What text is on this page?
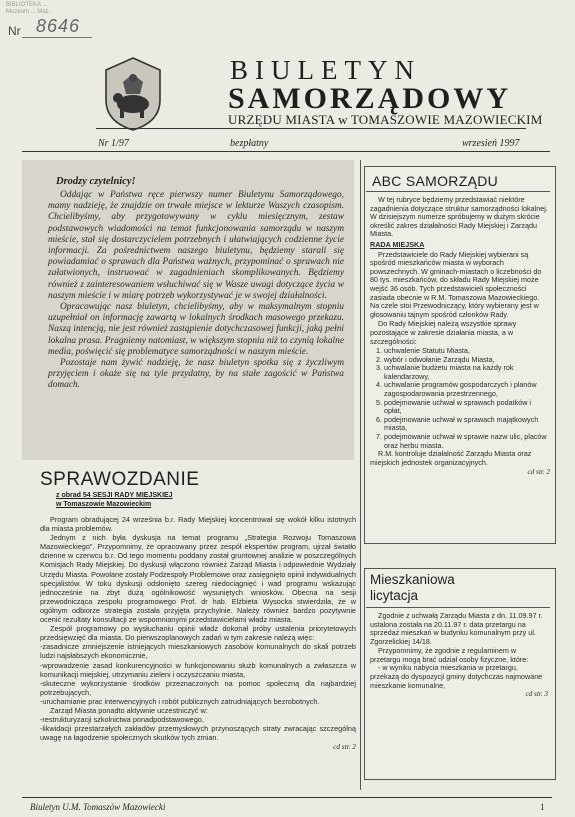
BIBLIOTEKA ...
Muzeum ... Maz.
Nr 8646
BIULETYN
SAMORZĄDOWY
URZĘDU MIASTA w TOMASZOWIE MAZOWIECKIM
Nr 1/97	bezpłatny	wrzesień 1997
Drodzy czytelnicy!

Oddając w Państwa ręce pierwszy numer Biuletynu Samorządowego, mamy nadzieję, że znajdzie on trwałe miejsce w lekturze Waszych czasopism. Chcielibyśmy, aby przygotowywany w cyklu miesięcznym, zestaw podstawowych wiadomości na temat funkcjonowania samorządu w naszym mieście, stał się dostarczycielem potrzebnych i ułatwiających codzienne życie informacji. Za pośrednictwem naszego biuletynu, będziemy starali się powiadamiać o sprawach dla Państwa ważnych, przypominać o sprawach nie załatwionych, instruować w zagadnieniach skomplikowanych. Będziemy również z zainteresowaniem wsłuchiwać się w Wasze uwagi dotyczące życia w naszym mieście i w miarę potrzeb wykorzystywać je w swojej działalności.

Opracowując nasz biuletyn, chcielibyśmy, aby w maksymalnym stopniu uzupełniał on informację zawartą w lokalnych środkach masowego przekazu. Naszą intencją, nie jest również zastąpienie dotychczasowej funkcji, jaką pełni lokalna prasa. Pragniemy natomiast, w większym stopniu niż to czynią lokalne media, poświęcić się problematyce samorządności w naszym mieście.

Pozostaje nam żywić nadzieję, że nasz biuletyn spotka się z życzliwym przyjęciem i okaże się na tyle przydatny, by na stałe zagościć w Państwa domach.

ABC SAMORZĄDU

W tej rubryce będziemy przedstawiać niektóre zagadnienia dotyczące struktur samorządności lokalnej. W dzisiejszym numerze spróbujemy w dużym skrócie określić zakres działalności Rady Miejskiej i Zarządu Miasta.

RADA MIEJSKA

Przedstawiciele do Rady Miejskiej wybierani są spośród mieszkańców miasta w wyborach powszechnych. W gminach-miastach o liczebności do 80 tys. mieszkańców, do składu Rady Miejskiej może wejść 36 osób. Tych przedstawicieli społeczności zasiada obecnie w R.M. Tomaszowa Mazowieckiego. Na czele stoi Przewodniczący, który wybierany jest w głosowaniu tajnym spośród członków Rady.

Do Rady Miejskiej należą wszystkie sprawy pozostające w zakresie działania miasta, a w szczególności:

1. uchwalenie Statutu Miasta,
2. wybór i odwołanie Zarządu Miasta,
3. uchwalanie budżetu miasta na każdy rok kalendarzowy,
4. uchwalanie programów gospodarczych i planów zagospodarowania przestrzennego,
5. podejmowanie uchwał w sprawach podatków i opłat,
6. podejmowanie uchwał w sprawach majątkowych miasta,
7. podejmowanie uchwał w sprawie nazw ulic, placów oraz herbu miasta.

R.M. kontroluje działalność Zarządu Miasta oraz miejskich jednostek organizacyjnych.

cd str. 2
SPRAWOZDANIE
z obrad 54 SESJI RADY MIEJSKIEJ
w Tomaszowie Mazowieckim

Program obradującej 24 września b.r. Rady Miejskiej koncentrował się wokół kilku istotnych dla miasta problemów.

Jednym z nich była dyskusja na temat programu „Strategia Rozwoju Tomaszowa Mazowieckiego”. Przypomnimy, że opracowany przez zespół ekspertów program, ujrzał światło dzienne w czerwcu b.r. Od tego momentu poddany został gruntownej analizie w poszczególnych Komisjach Rady Miejskiej. Do dyskusji włączono również Zarząd Miasta i odpowiednie Wydziały Urzędu Miasta. Powołane zostały Podzespoły Problemowe oraz zasięgnięto opinii indywidualnych specjalistów. W toku dyskusji odsłonięto szereg niedociągnięć i wad programu wskazując jednocześnie na zbyt dużą ogólnikowość wysuniętych wniosków. Obecna na sesji przewodnicząca zespołu programowego Prof. dr hab. Elżbieta Wysocka stwierdziła, że w ogólnym odbiorze strategia została przyjęta przychylnie. Należy również bardzo pozytywnie ocenić rezultaty konsultacji ze wspomnianymi przedstawicielami władz miasta.

Zespół programowy po wysłuchaniu opinii władz dokonał próby ustalenia priorytetowych przedsięwzięć dla miasta. Do pierwszoplanowych zadań w tym zakresie należą więc:

-zasadnicze zmniejszenie istniejących mieszkaniowych zasobów komunalnych do skali potrzeb ludzi najsłabszych ekonomicznie,

-wprowadzenie zasad konkurencyjności w funkcjonowaniu służb komunalnych a zwłaszcza w komunikacji miejskiej, utrzymaniu zieleni i oczyszczaniu miasta,

-skuteczne wykorzystanie środków przeznaczonych na pomoc społeczną dla najbardziej potrzebujących,

-uruchamianie prac interwencyjnych i robót publicznych zatrudniających bezrobotnych.

Zarząd Miasta ponadto aktywnie uczestniczyć w:

-restrukturyzacji szkolnictwa ponadpodstawowego,

-likwidacji przestarzałych zakładów przemysłowych przynoszących straty zwracając szczególną uwagę na łagodzenie społecznych skutków tych zmian.

cd str. 2
Mieszkaniowa
licytacja

Zgodnie z uchwałą Zarządu Miasta z dn. 11.09.97 r. ustalona została na 20.11.97 r. data przetargu na sprzedaż mieszkań w budynku komunalnym przy ul. Zgorzelickiej 14/18.

Przypomnimy, że zgodnie z regulaminem w przetargu mogą brać udział osoby fizyczne, które:

- w wyniku nabycia mieszkania w przetargu, przekażą do dyspozycji gminy dotychczas najmowane mieszkanie komunalne,

cd str. 3
Biuletyn U.M. Tomaszów Mazowiecki	1
